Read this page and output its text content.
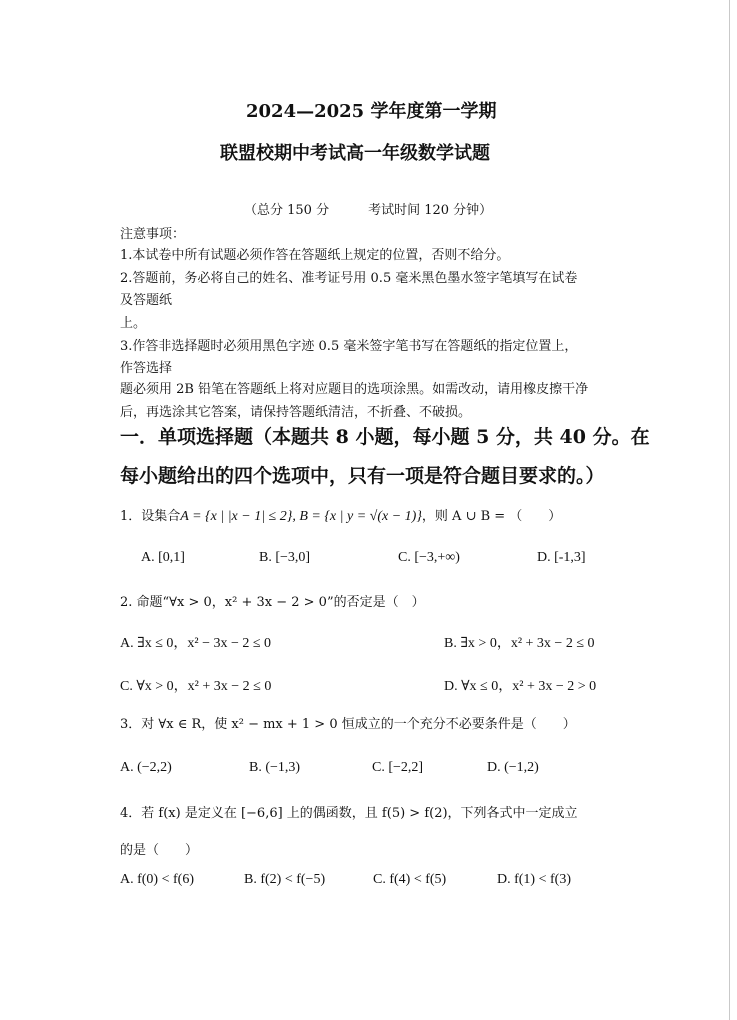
2024—2025 学年度第一学期
联盟校期中考试高一年级数学试题
（总分 150 分　　　考试时间 120 分钟）
注意事项：
1.本试卷中所有试题必须作答在答题纸上规定的位置，否则不给分。
2.答题前，务必将自己的姓名、准考证号用 0.5 毫米黑色墨水签字笔填写在试卷
及答题纸
上。
3.作答非选择题时必须用黑色字迹 0.5 毫米签字笔书写在答题纸的指定位置上，
作答选择
题必须用 2B 铅笔在答题纸上将对应题目的选项涂黑。如需改动，请用橡皮擦干净
后，再选涂其它答案，请保持答题纸清洁，不折叠、不破损。
一．单项选择题（本题共 8 小题，每小题 5 分，共 40 分。在
每小题给出的四个选项中，只有一项是符合题目要求的。）
1．设集合A = {x | |x − 1| ≤ 2}, B = {x | y = √(x − 1)}，则 A ∪ B = （　　）
A. [0,1]	B. [−3,0]	C. [−3,+∞)	D. [-1,3]
2. 命题“∀x > 0，x² + 3x − 2 > 0”的否定是（　）
A. ∃x ≤ 0，x² − 3x − 2 ≤ 0	B. ∃x > 0，x² + 3x − 2 ≤ 0
C. ∀x > 0，x² + 3x − 2 ≤ 0	D. ∀x ≤ 0，x² + 3x − 2 > 0
3．对 ∀x ∈ R，使 x² − mx + 1 > 0 恒成立的一个充分不必要条件是（　　）
A. (−2,2)	B. (−1,3)	C. [−2,2]	D. (−1,2)
4．若 f(x) 是定义在 [−6,6] 上的偶函数，且 f(5) > f(2)，下列各式中一定成立
的是（　　）
A. f(0) < f(6)	B. f(2) < f(−5)	C. f(4) < f(5)	D. f(1) < f(3)
